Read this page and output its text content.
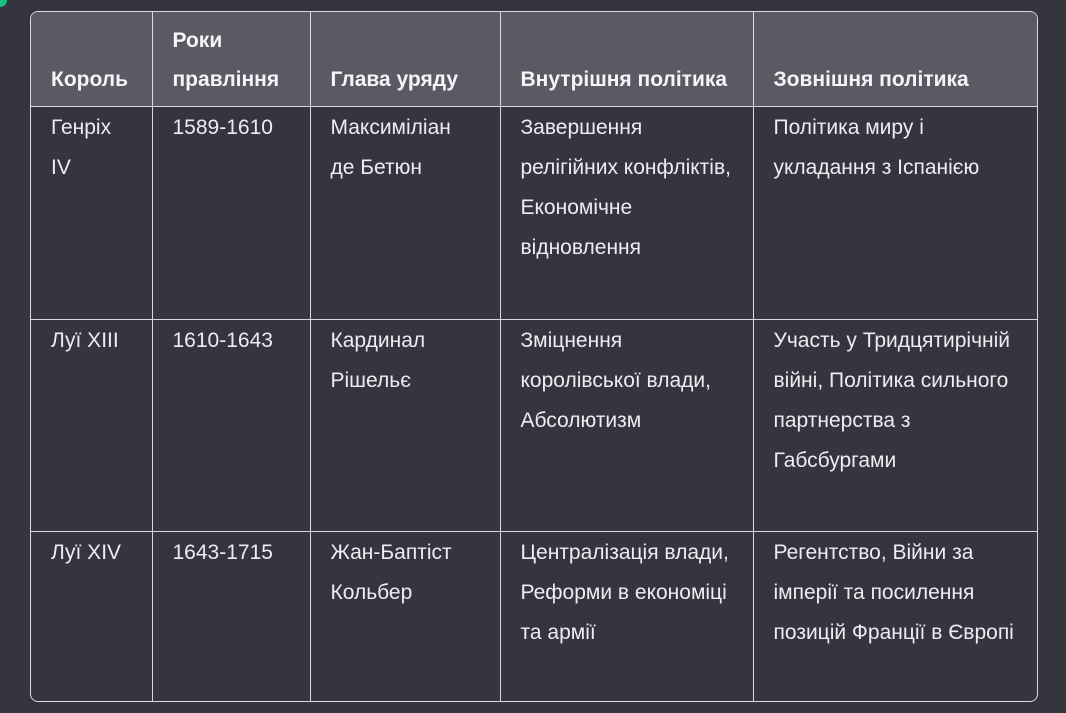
Король	Роки правління	Глава уряду	Внутрішня політика	Зовнішня політика
Генріх IV	1589-1610	Максиміліан де Бетюн	Завершення релігійних конфліктів, Економічне відновлення	Політика миру і укладання з Іспанією
Луї XIII	1610-1643	Кардинал Рішельє	Зміцнення королівської влади, Абсолютизм	Участь у Тридцятирічній війні, Політика сильного партнерства з Габсбургами
Луї XIV	1643-1715	Жан-Баптіст Кольбер	Централізація влади, Реформи в економіці та армії	Регентство, Війни за імперії та посилення позицій Франції в Європі
